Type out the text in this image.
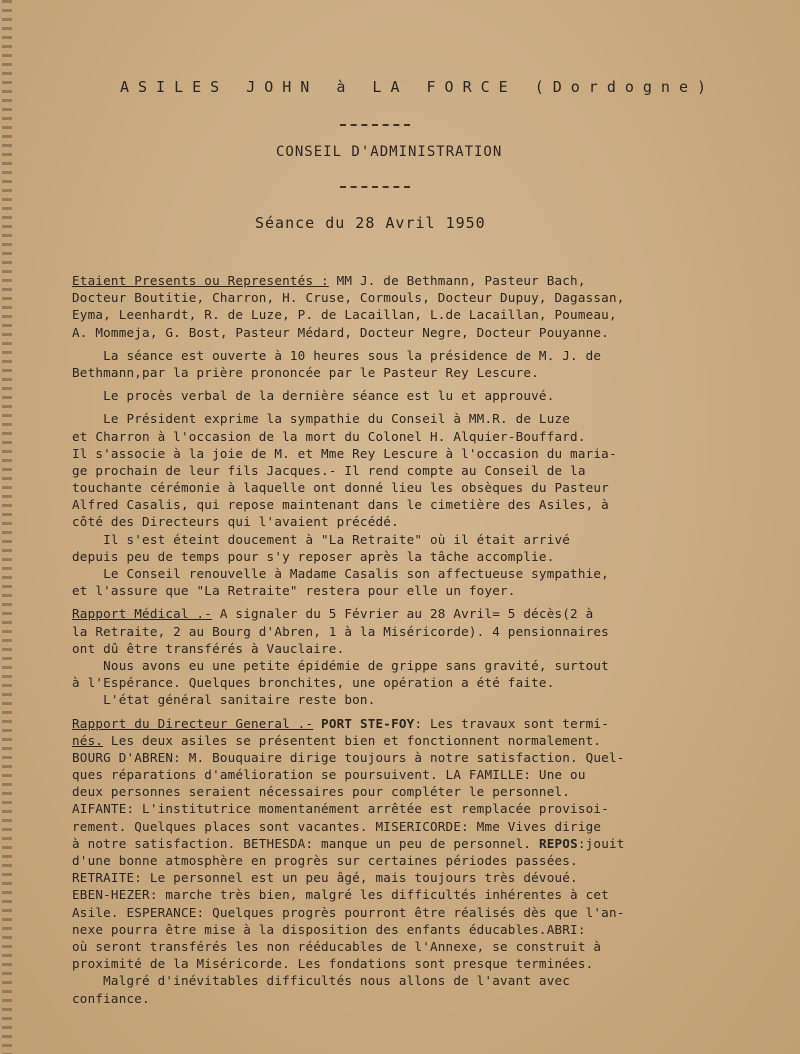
ASILES JOHN à LA FORCE (Dordogne)
CONSEIL D'ADMINISTRATION
Séance du 28 Avril 1950
Etaient Presents ou Representés : MM J. de Bethmann, Pasteur Bach,
Docteur Boutitie, Charron, H. Cruse, Cormouls, Docteur Dupuy, Dagassan,
Eyma, Leenhardt, R. de Luze, P. de Lacaillan, L.de Lacaillan, Poumeau,
A. Mommeja, G. Bost, Pasteur Médard, Docteur Negre, Docteur Pouyanne.
La séance est ouverte à 10 heures sous la présidence de M. J. de
Bethmann,par la prière prononcée par le Pasteur Rey Lescure.
Le procès verbal de la dernière séance est lu et approuvé.
Le Président exprime la sympathie du Conseil à MM.R. de Luze
et Charron à l'occasion de la mort du Colonel H. Alquier-Bouffard.
Il s'associe à la joie de M. et Mme Rey Lescure à l'occasion du maria-
ge prochain de leur fils Jacques.- Il rend compte au Conseil de la
touchante cérémonie à laquelle ont donné lieu les obsèques du Pasteur
Alfred Casalis, qui repose maintenant dans le cimetière des Asiles, à
côté des Directeurs qui l'avaient précédé.
Il s'est éteint doucement à "La Retraite" où il était arrivé
depuis peu de temps pour s'y reposer après la tâche accomplie.
Le Conseil renouvelle à Madame Casalis son affectueuse sympathie,
et l'assure que "La Retraite" restera pour elle un foyer.
Rapport Médical .- A signaler du 5 Février au 28 Avril= 5 décès(2 à
la Retraite, 2 au Bourg d'Abren, 1 à la Miséricorde). 4 pensionnaires
ont dû être transférés à Vauclaire.
Nous avons eu une petite épidémie de grippe sans gravité, surtout
à l'Espérance. Quelques bronchites, une opération a été faite.
L'état général sanitaire reste bon.
Rapport du Directeur General .- PORT STE-FOY: Les travaux sont termi-
nés. Les deux asiles se présentent bien et fonctionnent normalement.
BOURG D'ABREN: M. Bouquaire dirige toujours à notre satisfaction. Quel-
ques réparations d'amélioration se poursuivent. LA FAMILLE: Une ou
deux personnes seraient nécessaires pour compléter le personnel.
AIFANTE: L'institutrice momentanément arrêtée est remplacée provisoi-
rement. Quelques places sont vacantes. MISERICORDE: Mme Vives dirige
à notre satisfaction. BETHESDA: manque un peu de personnel. REPOS:jouit
d'une bonne atmosphère en progrès sur certaines périodes passées.
RETRAITE: Le personnel est un peu âgé, mais toujours très dévoué.
EBEN-HEZER: marche très bien, malgré les difficultés inhérentes à cet
Asile. ESPERANCE: Quelques progrès pourront être réalisés dès que l'an-
nexe pourra être mise à la disposition des enfants éducables.ABRI:
où seront transférés les non rééducables de l'Annexe, se construit à
proximité de la Miséricorde. Les fondations sont presque terminées.
Malgré d'inévitables difficultés nous allons de l'avant avec
confiance.
